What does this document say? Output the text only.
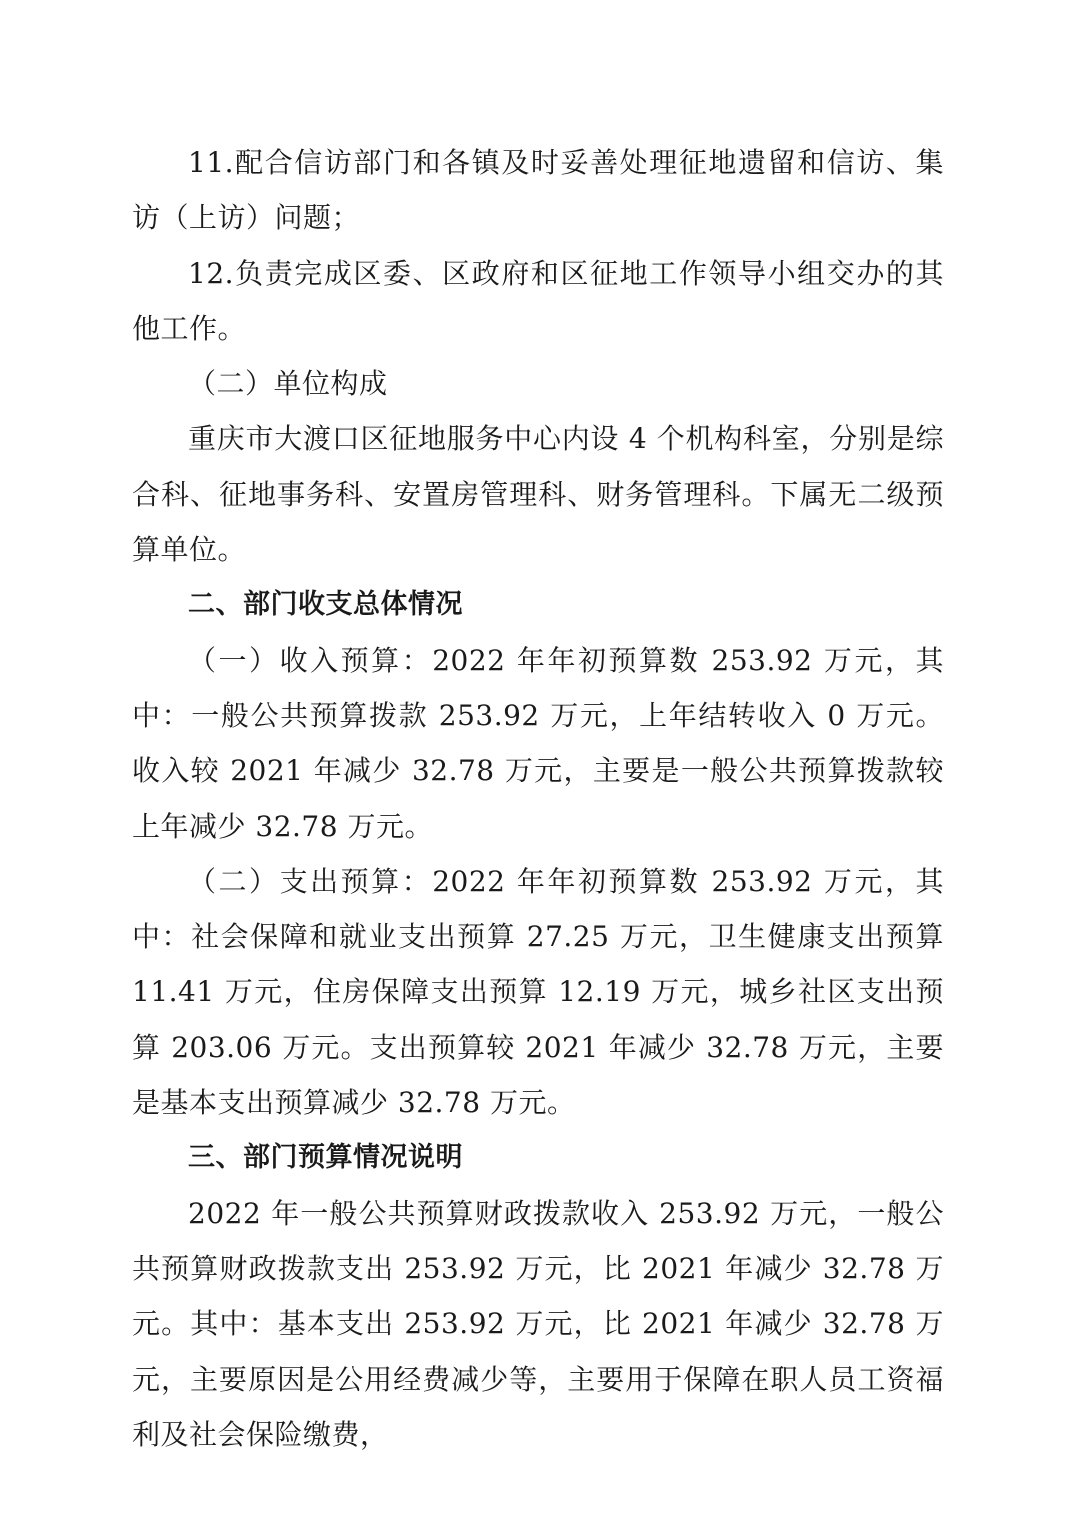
11.配合信访部门和各镇及时妥善处理征地遗留和信访、集访（上访）问题；

12.负责完成区委、区政府和区征地工作领导小组交办的其他工作。

（二）单位构成

重庆市大渡口区征地服务中心内设 4 个机构科室，分别是综合科、征地事务科、安置房管理科、财务管理科。下属无二级预算单位。

二、部门收支总体情况

（一）收入预算：2022 年年初预算数 253.92 万元，其中：一般公共预算拨款 253.92 万元，上年结转收入 0 万元。收入较 2021 年减少 32.78 万元，主要是一般公共预算拨款较上年减少 32.78 万元。

（二）支出预算：2022 年年初预算数 253.92 万元，其中：社会保障和就业支出预算 27.25 万元，卫生健康支出预算 11.41 万元，住房保障支出预算 12.19 万元，城乡社区支出预算 203.06 万元。支出预算较 2021 年减少 32.78 万元，主要是基本支出预算减少 32.78 万元。

三、部门预算情况说明

2022 年一般公共预算财政拨款收入 253.92 万元，一般公共预算财政拨款支出 253.92 万元，比 2021 年减少 32.78 万元。其中：基本支出 253.92 万元，比 2021 年减少 32.78 万元，主要原因是公用经费减少等，主要用于保障在职人员工资福利及社会保险缴费，
